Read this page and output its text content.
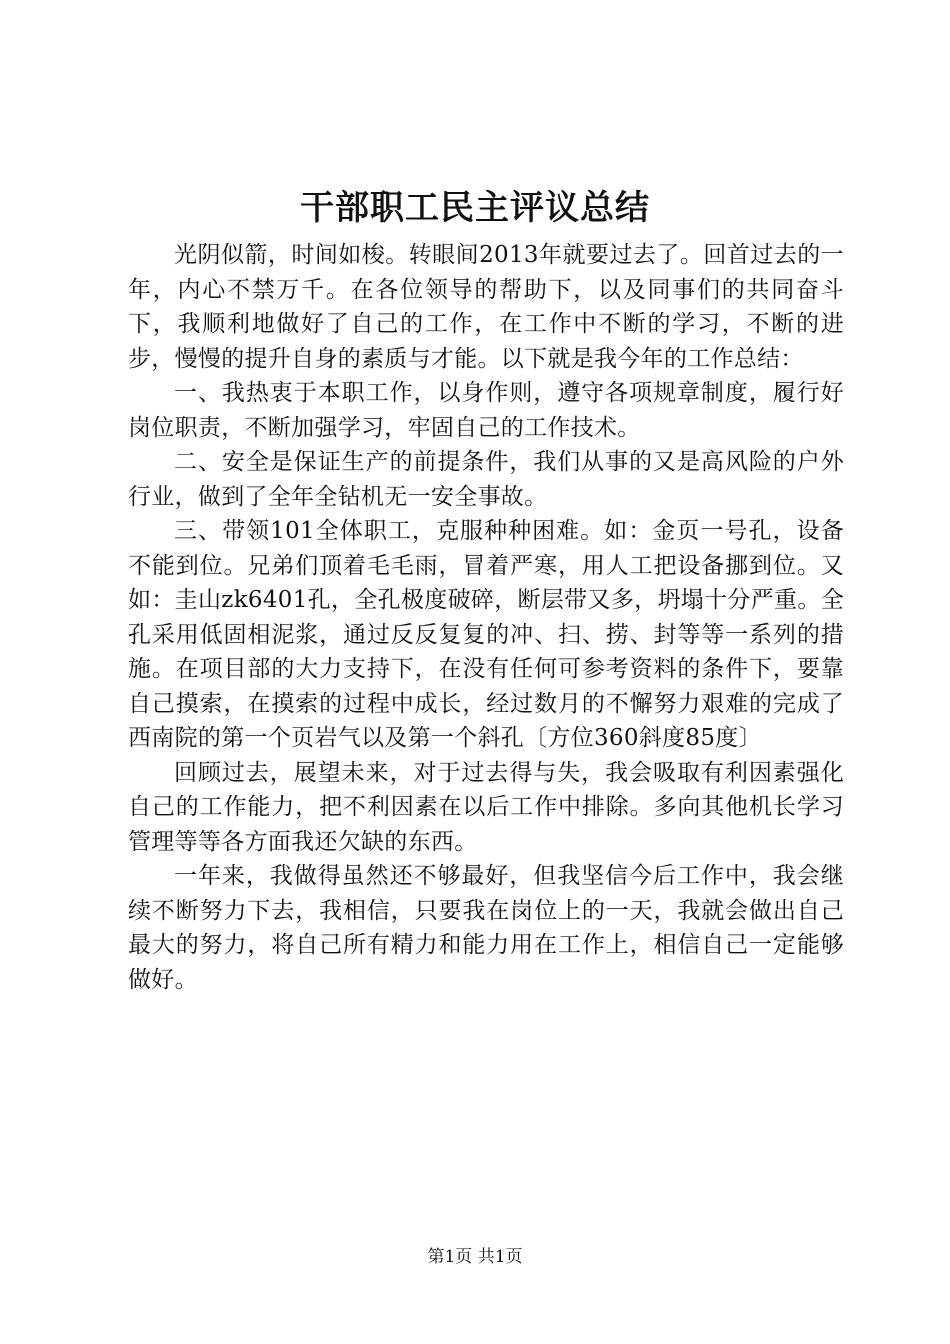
干部职工民主评议总结

光阴似箭，时间如梭。转眼间2013年就要过去了。回首过去的一年，内心不禁万千。在各位领导的帮助下，以及同事们的共同奋斗下，我顺利地做好了自己的工作，在工作中不断的学习，不断的进步，慢慢的提升自身的素质与才能。以下就是我今年的工作总结：

一、我热衷于本职工作，以身作则，遵守各项规章制度，履行好岗位职责，不断加强学习，牢固自己的工作技术。

二、安全是保证生产的前提条件，我们从事的又是高风险的户外行业，做到了全年全钻机无一安全事故。

三、带领101全体职工，克服种种困难。如：金页一号孔，设备不能到位。兄弟们顶着毛毛雨，冒着严寒，用人工把设备挪到位。又如：圭山zk6401孔，全孔极度破碎，断层带又多，坍塌十分严重。全孔采用低固相泥浆，通过反反复复的冲、扫、捞、封等等一系列的措施。在项目部的大力支持下，在没有任何可参考资料的条件下，要靠自己摸索，在摸索的过程中成长，经过数月的不懈努力艰难的完成了西南院的第一个页岩气以及第一个斜孔〔方位360斜度85度〕

回顾过去，展望未来，对于过去得与失，我会吸取有利因素强化自己的工作能力，把不利因素在以后工作中排除。多向其他机长学习管理等等各方面我还欠缺的东西。

一年来，我做得虽然还不够最好，但我坚信今后工作中，我会继续不断努力下去，我相信，只要我在岗位上的一天，我就会做出自己最大的努力，将自己所有精力和能力用在工作上，相信自己一定能够做好。

第1页 共1页
